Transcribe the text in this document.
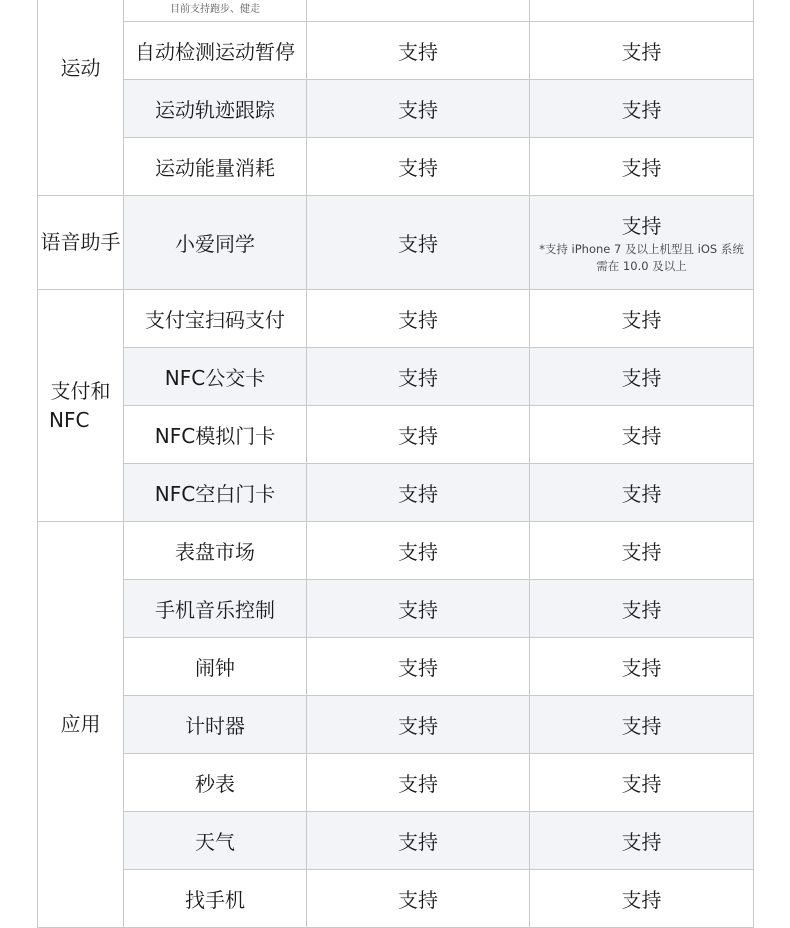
运动	目前支持跑步、健走		

	自动检测运动暂停	支持	支持
	运动轨迹跟踪	支持	支持
	运动能量消耗	支持	支持
语音助手	小爱同学	支持	支持
*支持 iPhone 7 及以上机型且 iOS 系统需在 10.0 及以上

支付和
NFC	支付宝扫码支付	支持	支持
	NFC公交卡	支持	支持
	NFC模拟门卡	支持	支持
	NFC空白门卡	支持	支持
应用	表盘市场	支持	支持
	手机音乐控制	支持	支持
	闹钟	支持	支持
	计时器	支持	支持
	秒表	支持	支持
	天气	支持	支持
	找手机	支持	支持
